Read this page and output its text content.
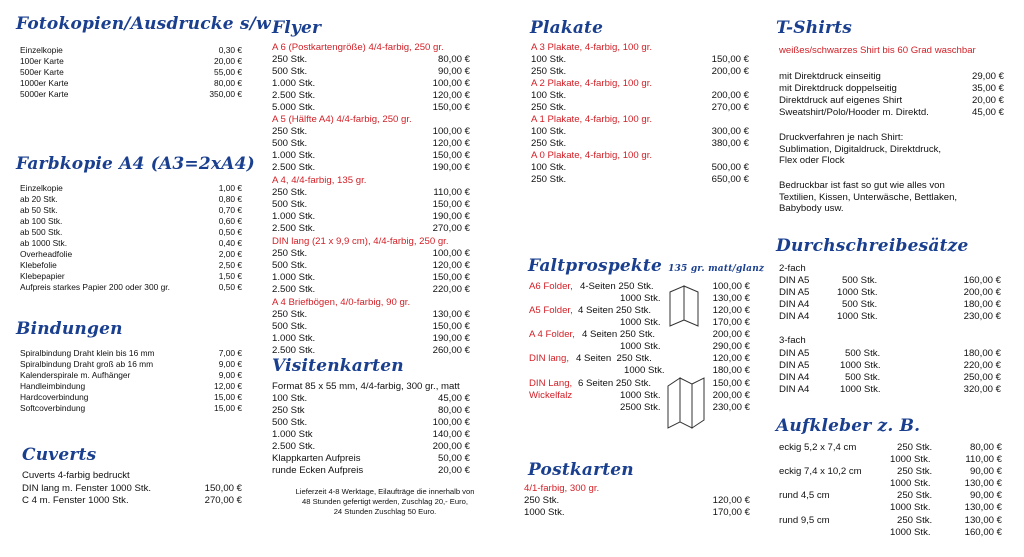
Fotokopien/Ausdrucke s/w
Einzelkopie	0,30 €
100er Karte	20,00 €
500er Karte	55,00 €
1000er Karte	80,00 €
5000er Karte	350,00 €
Farbkopie A4 (A3=2xA4)
Einzelkopie	1,00 €
ab 20 Stk.	0,80 €
ab 50 Stk.	0,70 €
ab 100 Stk.	0,60 €
ab 500 Stk.	0,50 €
ab 1000 Stk.	0,40 €
Overheadfolie	2,00 €
Klebefolie	2,50 €
Klebepapier	1,50 €
Aufpreis starkes Papier 200 oder 300 gr.	0,50 €
Bindungen
Spiralbindung Draht klein bis 16 mm	7,00 €
Spiralbindung Draht groß ab 16 mm	9,00 €
Kalenderspirale m. Aufhänger	9,00 €
Handleimbindung	12,00 €
Hardcoverbindung	15,00 €
Softcoverbindung	15,00 €
Cuverts
Cuverts 4-farbig bedruckt
DIN lang m. Fenster 1000 Stk.	150,00 €
C 4 m. Fenster 1000 Stk.	270,00 €
Flyer
A 6 (Postkartengröße) 4/4-farbig, 250 gr.
250 Stk.	80,00 €
500 Stk.	90,00 €
1.000 Stk.	100,00 €
2.500 Stk.	120,00 €
5.000 Stk.	150,00 €
A 5 (Hälfte A4) 4/4-farbig, 250 gr.
250 Stk.	100,00 €
500 Stk.	120,00 €
1.000 Stk.	150,00 €
2.500 Stk.	190,00 €
A 4, 4/4-farbig, 135 gr.
250 Stk.	110,00 €
500 Stk.	150,00 €
1.000 Stk.	190,00 €
2.500 Stk.	270,00 €
DIN lang (21 x 9,9 cm), 4/4-farbig, 250 gr.
250 Stk.	100,00 €
500 Stk.	120,00 €
1.000 Stk.	150,00 €
2.500 Stk.	220,00 €
A 4 Briefbögen, 4/0-farbig, 90 gr.
250 Stk.	130,00 €
500 Stk.	150,00 €
1.000 Stk.	190,00 €
2.500 Stk.	260,00 €
Visitenkarten
Format 85 x 55 mm, 4/4-farbig, 300 gr., matt
100 Stk.	45,00 €
250 Stk	80,00 €
500 Stk.	100,00 €
1.000 Stk	140,00 €
2.500 Stk.	200,00 €
Klappkarten Aufpreis	50,00 €
runde Ecken Aufpreis	20,00 €
Lieferzeit 4-8 Werktage, Eilaufträge die innerhalb von
48 Stunden gefertigt werden, Zuschlag 20,- Euro,
24 Stunden Zuschlag 50 Euro.
Plakate
A 3 Plakate, 4-farbig, 100 gr.
100 Stk.	150,00 €
250 Stk.	200,00 €
A 2 Plakate, 4-farbig, 100 gr.
100 Stk.	200,00 €
250 Stk.	270,00 €
A 1 Plakate, 4-farbig, 100 gr.
100 Stk.	300,00 €
250 Stk.	380,00 €
A 0 Plakate, 4-farbig, 100 gr.
100 Stk.	500,00 €
250 Stk.	650,00 €
Faltprospekte 135 gr. matt/glanz
A6 Folder, 4-Seiten 250 Stk.	100,00 €
1000 Stk.	130,00 €
A5 Folder, 4 Seiten 250 Stk.	120,00 €
1000 Stk.	170,00 €
A 4 Folder, 4 Seiten 250 Stk.	200,00 €
1000 Stk.	290,00 €
DIN lang, 4 Seiten  250 Stk.	120,00 €
1000 Stk.	180,00 €
DIN Lang, 6 Seiten 250 Stk.	150,00 €
Wickelfalz	1000 Stk.	200,00 €
2500 Stk.	230,00 €
Postkarten
4/1-farbig, 300 gr.
250 Stk.	120,00 €
1000 Stk.	170,00 €
T-Shirts
weißes/schwarzes Shirt bis 60 Grad waschbar
mit Direktdruck einseitig	29,00 €
mit Direktdruck doppelseitig	35,00 €
Direktdruck auf eigenes Shirt	20,00 €
Sweatshirt/Polo/Hooder m. Direktd.	45,00 €
Druckverfahren je nach Shirt:
Sublimation, Digitaldruck, Direktdruck,
Flex oder Flock
Bedruckbar ist fast so gut wie alles von
Textilien, Kissen, Unterwäsche, Bettlaken,
Babybody usw.
Durchschreibesätze
2-fach
DIN A5	500 Stk.	160,00 €
DIN A5	1000 Stk.	200,00 €
DIN A4	500 Stk.	180,00 €
DIN A4	1000 Stk.	230,00 €
3-fach
DIN A5	500 Stk.	180,00 €
DIN A5	1000 Stk.	220,00 €
DIN A4	500 Stk.	250,00 €
DIN A4	1000 Stk.	320,00 €
Aufkleber z. B.
eckig 5,2 x 7,4 cm	250 Stk.	80,00 €
1000 Stk.	110,00 €
eckig 7,4 x 10,2 cm	250 Stk.	90,00 €
1000 Stk.	130,00 €
rund 4,5 cm	250 Stk.	90,00 €
1000 Stk.	130,00 €
rund 9,5 cm	250 Stk.	130,00 €
1000 Stk.	160,00 €
